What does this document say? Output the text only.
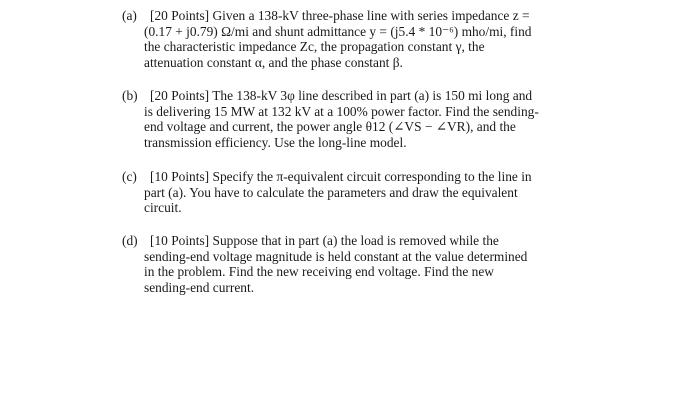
(a) [20 Points] Given a 138-kV three-phase line with series impedance z =
(0.17 + j0.79) Ω/mi and shunt admittance y = (j5.4 * 10⁻⁶) mho/mi, find
the characteristic impedance Zc, the propagation constant γ, the
attenuation constant α, and the phase constant β.
(b) [20 Points] The 138-kV 3φ line described in part (a) is 150 mi long and
is delivering 15 MW at 132 kV at a 100% power factor. Find the sending-
end voltage and current, the power angle θ12 (∠VS − ∠VR), and the
transmission efficiency. Use the long-line model.
(c) [10 Points] Specify the π-equivalent circuit corresponding to the line in
part (a). You have to calculate the parameters and draw the equivalent
circuit.
(d) [10 Points] Suppose that in part (a) the load is removed while the
sending-end voltage magnitude is held constant at the value determined
in the problem. Find the new receiving end voltage. Find the new
sending-end current.
